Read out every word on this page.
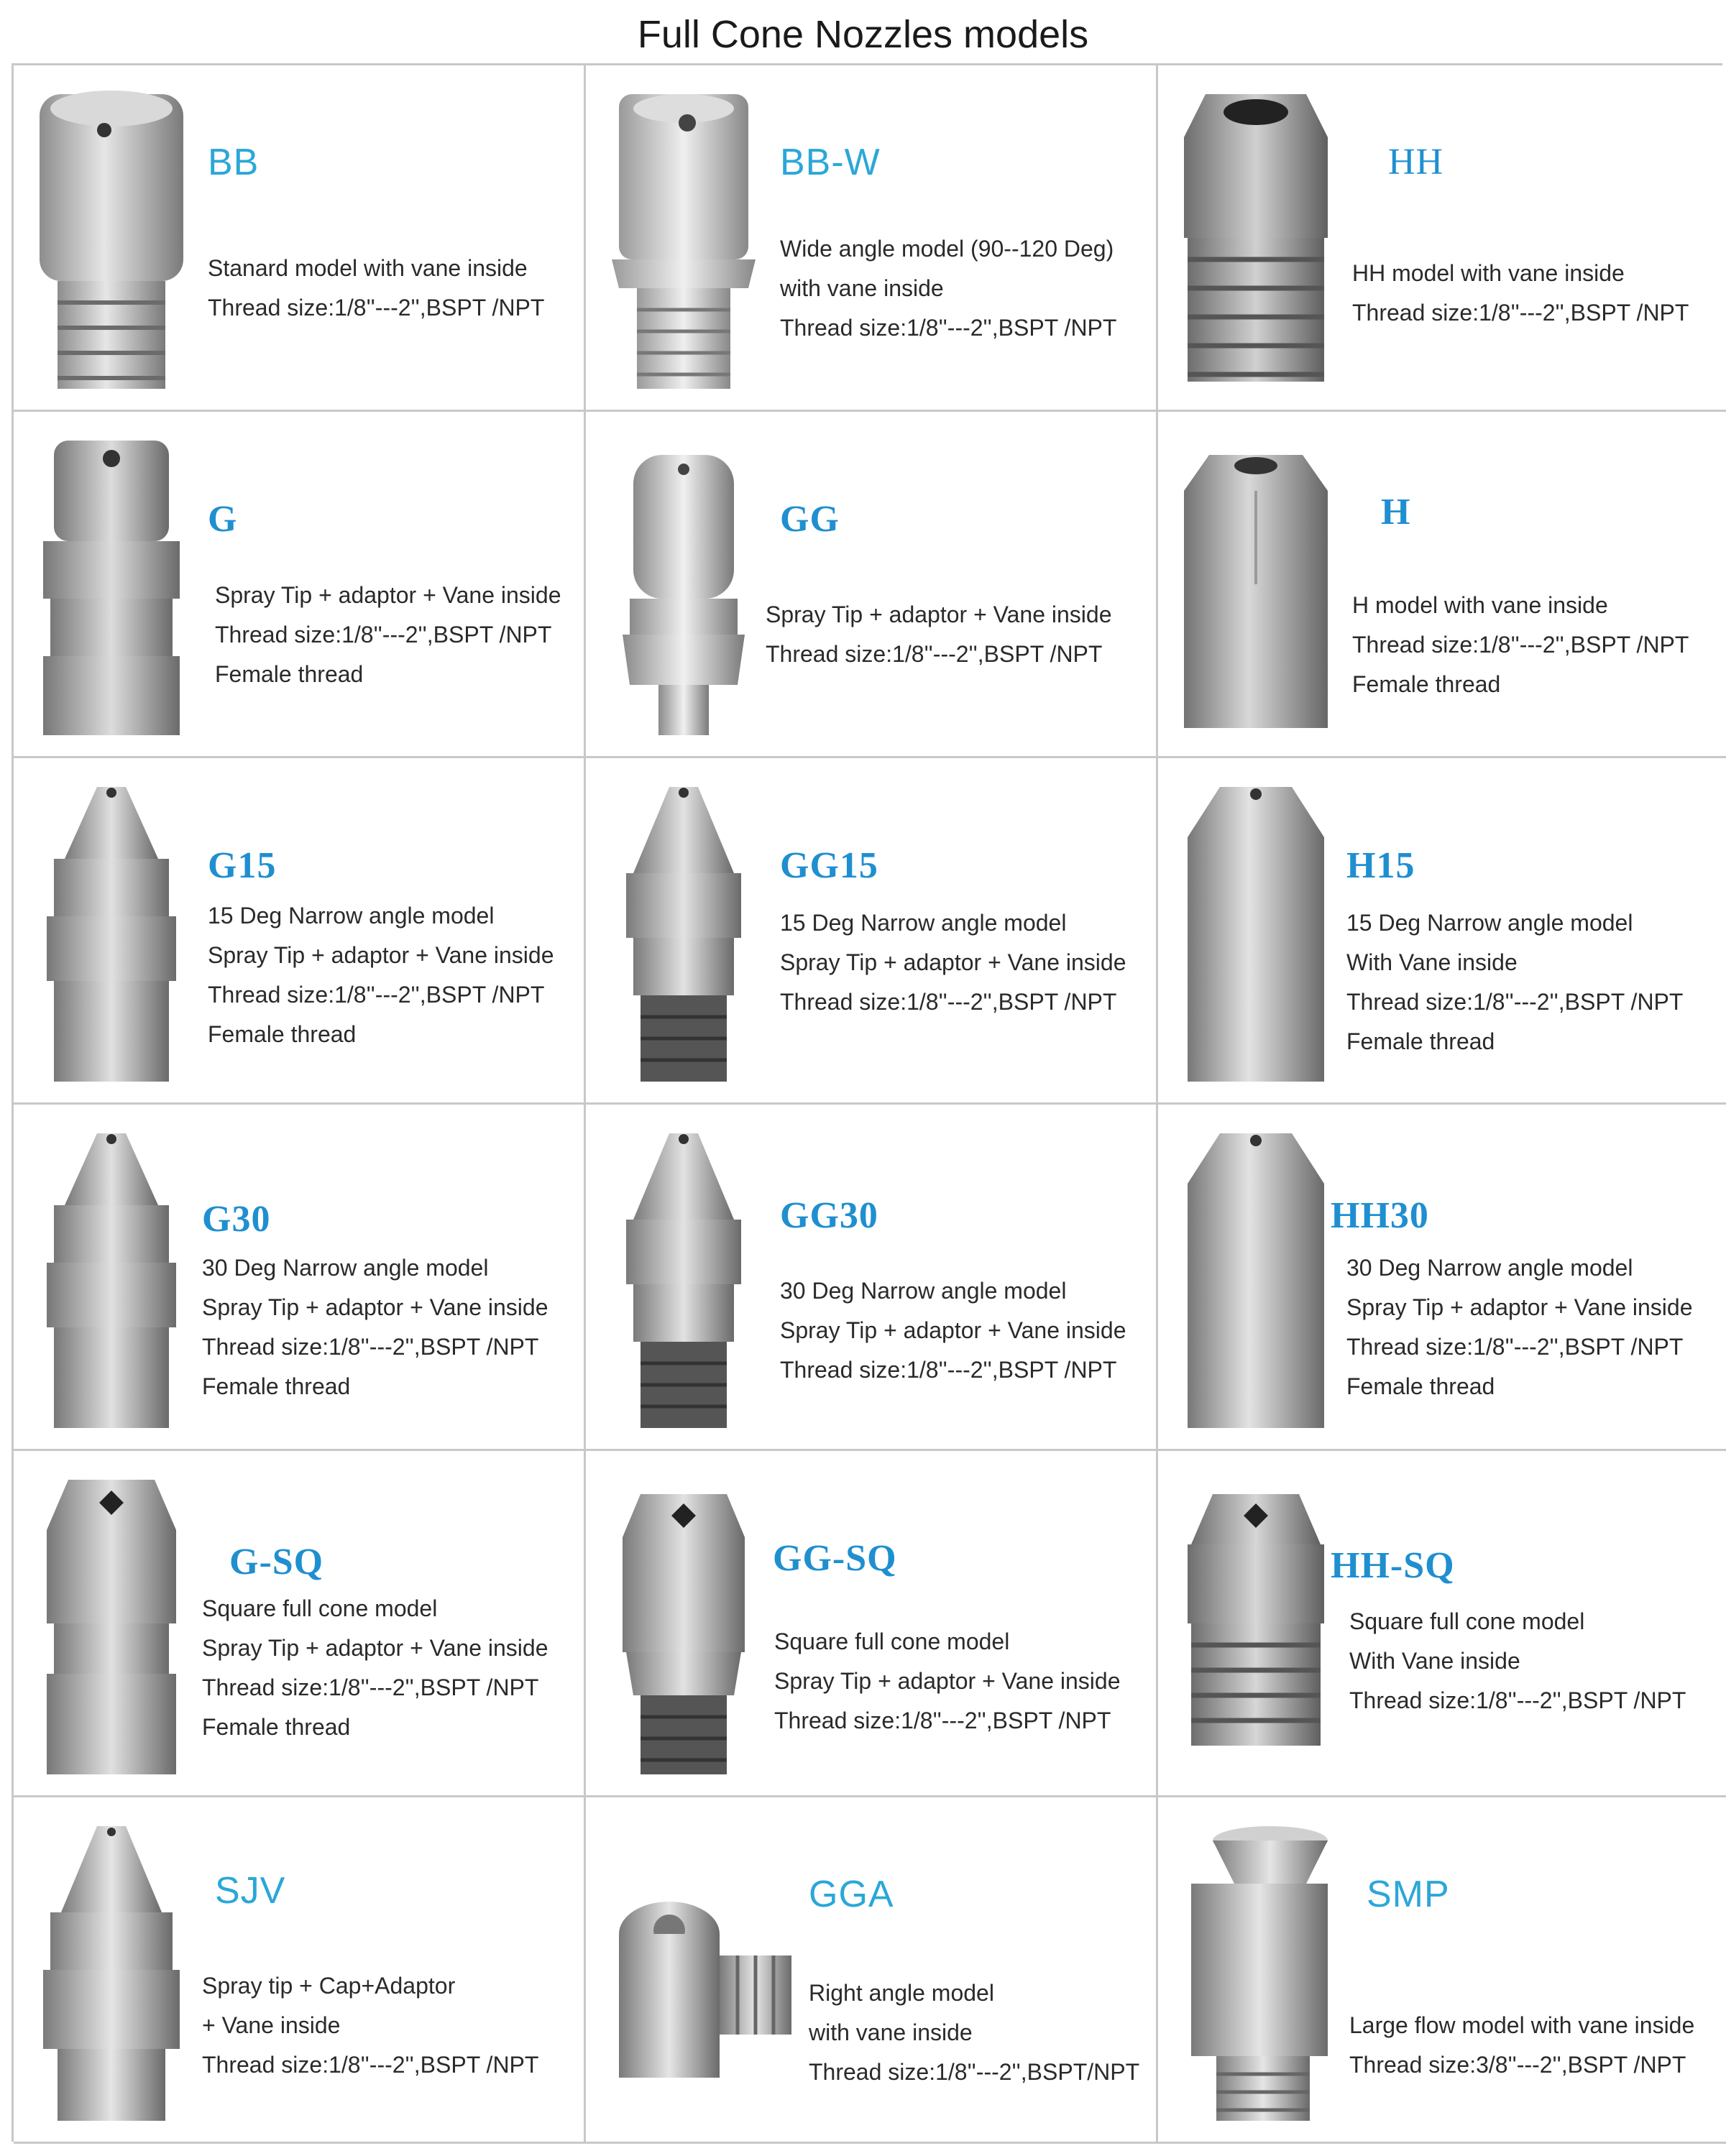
Full Cone Nozzles models
BB
Stanard model with vane inside
Thread size:1/8''---2'',BSPT /NPT
BB-W
Wide angle model (90--120 Deg)
with vane inside
Thread size:1/8''---2'',BSPT /NPT
HH
HH model with vane inside
Thread size:1/8''---2'',BSPT /NPT
G
Spray Tip + adaptor + Vane inside
Thread size:1/8''---2'',BSPT /NPT
Female thread
GG
Spray Tip + adaptor + Vane inside
Thread size:1/8''---2'',BSPT /NPT
H
H model with vane inside
Thread size:1/8''---2'',BSPT /NPT
Female thread
G15
15 Deg Narrow angle model
Spray Tip + adaptor + Vane inside
Thread size:1/8''---2'',BSPT /NPT
Female thread
GG15
15 Deg Narrow angle model
Spray Tip + adaptor + Vane inside
Thread size:1/8''---2'',BSPT /NPT
H15
15 Deg Narrow angle model
With Vane inside
Thread size:1/8''---2'',BSPT /NPT
Female thread
G30
30 Deg Narrow angle model
Spray Tip + adaptor + Vane inside
Thread size:1/8''---2'',BSPT /NPT
Female thread
GG30
30 Deg Narrow angle model
Spray Tip + adaptor + Vane inside
Thread size:1/8''---2'',BSPT /NPT
HH30
30 Deg Narrow angle model
Spray Tip + adaptor + Vane inside
Thread size:1/8''---2'',BSPT /NPT
Female thread
G-SQ
Square full cone model
Spray Tip + adaptor + Vane inside
Thread size:1/8''---2'',BSPT /NPT
Female thread
GG-SQ
Square full cone model
Spray Tip + adaptor + Vane inside
Thread size:1/8''---2'',BSPT /NPT
HH-SQ
Square full cone model
With Vane inside
Thread size:1/8''---2'',BSPT /NPT
SJV
Spray tip + Cap+Adaptor
+ Vane inside
Thread size:1/8''---2'',BSPT /NPT
GGA
Right angle model
with vane inside
Thread size:1/8''---2'',BSPT/NPT
SMP
Large flow model with vane inside
Thread size:3/8''---2'',BSPT /NPT
